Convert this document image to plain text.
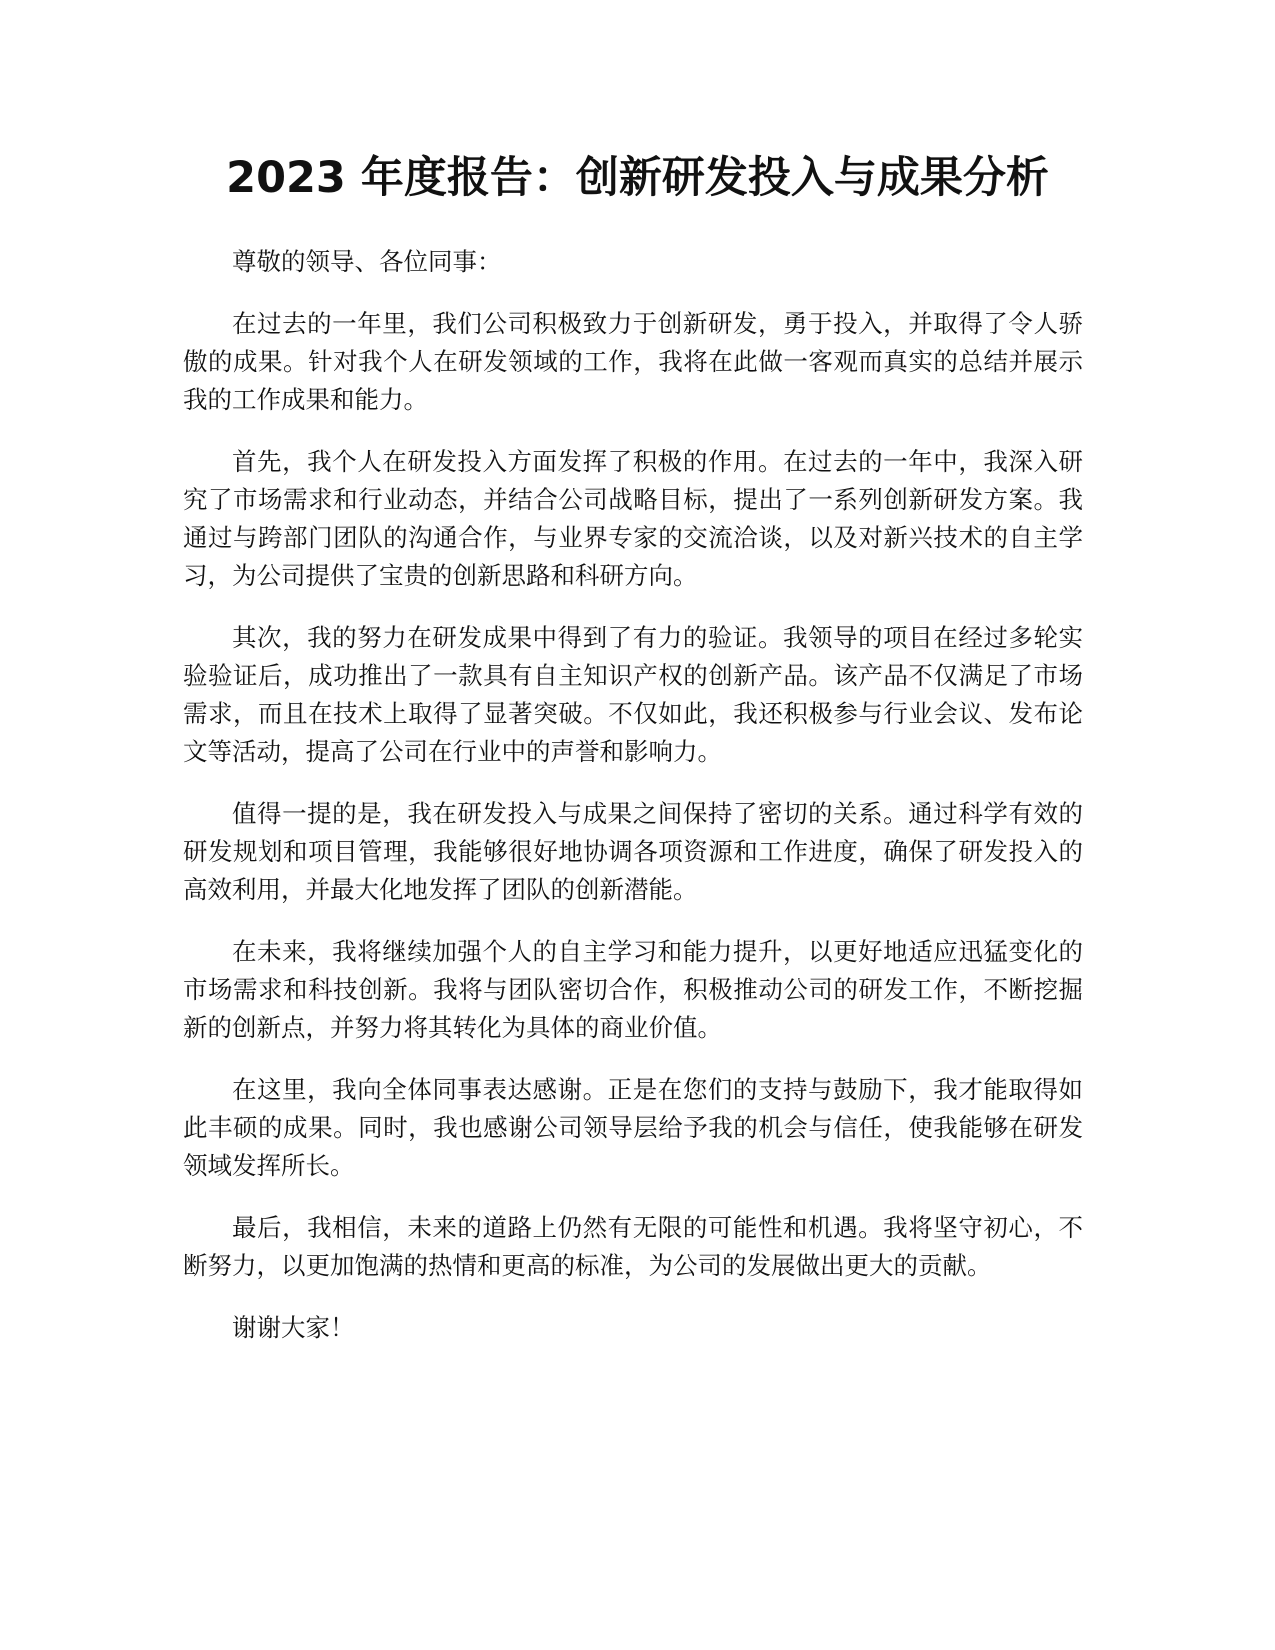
2023 年度报告：创新研发投入与成果分析

尊敬的领导、各位同事：

在过去的一年里，我们公司积极致力于创新研发，勇于投入，并取得了令人骄傲的成果。针对我个人在研发领域的工作，我将在此做一客观而真实的总结并展示我的工作成果和能力。

首先，我个人在研发投入方面发挥了积极的作用。在过去的一年中，我深入研究了市场需求和行业动态，并结合公司战略目标，提出了一系列创新研发方案。我通过与跨部门团队的沟通合作，与业界专家的交流洽谈，以及对新兴技术的自主学习，为公司提供了宝贵的创新思路和科研方向。

其次，我的努力在研发成果中得到了有力的验证。我领导的项目在经过多轮实验验证后，成功推出了一款具有自主知识产权的创新产品。该产品不仅满足了市场需求，而且在技术上取得了显著突破。不仅如此，我还积极参与行业会议、发布论文等活动，提高了公司在行业中的声誉和影响力。

值得一提的是，我在研发投入与成果之间保持了密切的关系。通过科学有效的研发规划和项目管理，我能够很好地协调各项资源和工作进度，确保了研发投入的高效利用，并最大化地发挥了团队的创新潜能。

在未来，我将继续加强个人的自主学习和能力提升，以更好地适应迅猛变化的市场需求和科技创新。我将与团队密切合作，积极推动公司的研发工作，不断挖掘新的创新点，并努力将其转化为具体的商业价值。

在这里，我向全体同事表达感谢。正是在您们的支持与鼓励下，我才能取得如此丰硕的成果。同时，我也感谢公司领导层给予我的机会与信任，使我能够在研发领域发挥所长。

最后，我相信，未来的道路上仍然有无限的可能性和机遇。我将坚守初心，不断努力，以更加饱满的热情和更高的标准，为公司的发展做出更大的贡献。

谢谢大家！
